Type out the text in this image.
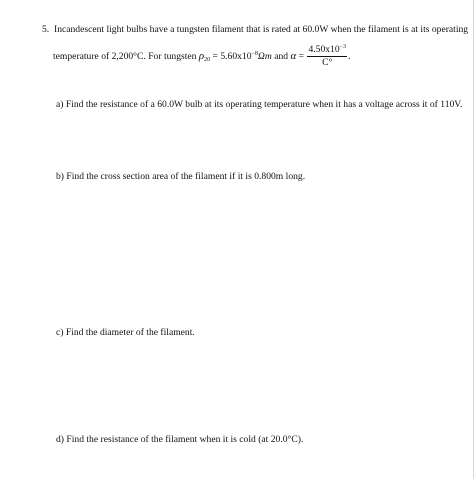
5. Incandescent light bulbs have a tungsten filament that is rated at 60.0W when the filament is at its operating
temperature of 2,200°C. For tungsten $\rho_{20} = 5.60x10^{-8}\Omega m$ and $\alpha = \frac{4.50x10^{-3}}{C^\circ}$ .
a) Find the resistance of a 60.0W bulb at its operating temperature when it has a voltage across it of 110V.
b) Find the cross section area of the filament if it is 0.800m long.
c) Find the diameter of the filament.
d) Find the resistance of the filament when it is cold (at 20.0°C).
